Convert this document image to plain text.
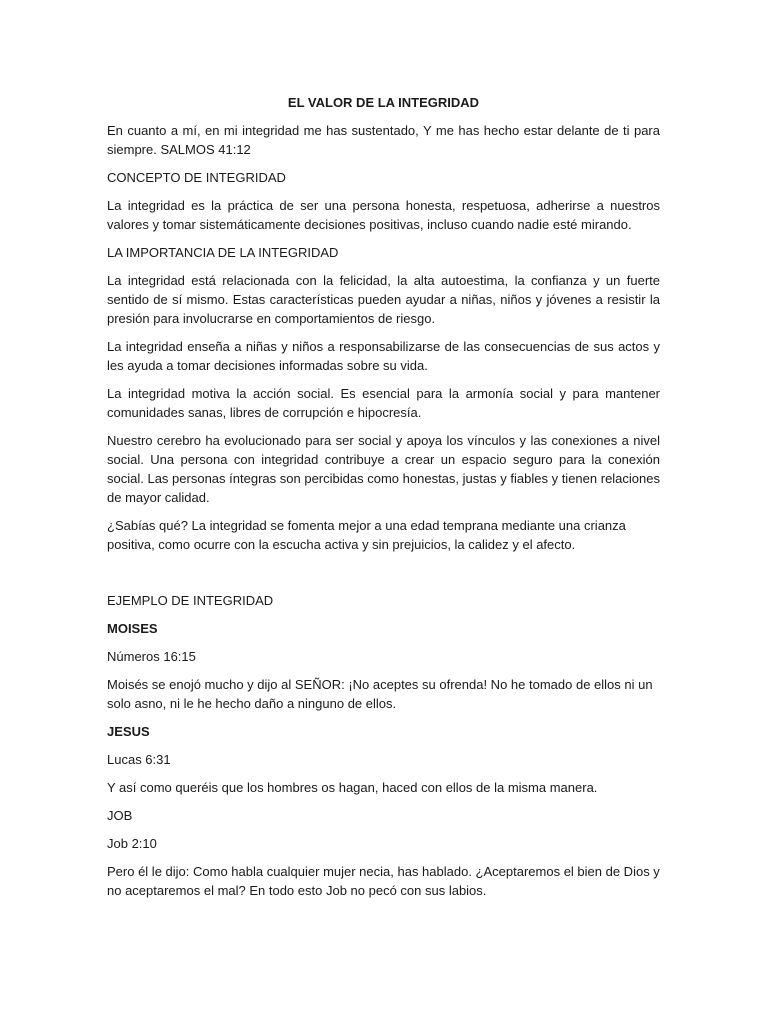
EL VALOR DE LA INTEGRIDAD
En cuanto a mí, en mi integridad me has sustentado, Y me has hecho estar delante de ti para siempre. SALMOS 41:12
CONCEPTO DE INTEGRIDAD
La integridad es la práctica de ser una persona honesta, respetuosa, adherirse a nuestros valores y tomar sistemáticamente decisiones positivas, incluso cuando nadie esté mirando.
LA IMPORTANCIA DE LA INTEGRIDAD
La integridad está relacionada con la felicidad, la alta autoestima, la confianza y un fuerte sentido de sí mismo. Estas características pueden ayudar a niñas, niños y jóvenes a resistir la presión para involucrarse en comportamientos de riesgo.
La integridad enseña a niñas y niños a responsabilizarse de las consecuencias de sus actos y les ayuda a tomar decisiones informadas sobre su vida.
La integridad motiva la acción social. Es esencial para la armonía social y para mantener comunidades sanas, libres de corrupción e hipocresía.
Nuestro cerebro ha evolucionado para ser social y apoya los vínculos y las conexiones a nivel social. Una persona con integridad contribuye a crear un espacio seguro para la conexión social. Las personas íntegras son percibidas como honestas, justas y fiables y tienen relaciones de mayor calidad.
¿Sabías qué? La integridad se fomenta mejor a una edad temprana mediante una crianza positiva, como ocurre con la escucha activa y sin prejuicios, la calidez y el afecto.
EJEMPLO DE INTEGRIDAD
MOISES
Números 16:15
Moisés se enojó mucho y dijo al SEÑOR: ¡No aceptes su ofrenda! No he tomado de ellos ni un solo asno, ni le he hecho daño a ninguno de ellos.
JESUS
Lucas 6:31
Y así como queréis que los hombres os hagan, haced con ellos de la misma manera.
JOB
Job 2:10
Pero él le dijo: Como habla cualquier mujer necia, has hablado. ¿Aceptaremos el bien de Dios y no aceptaremos el mal? En todo esto Job no pecó con sus labios.
